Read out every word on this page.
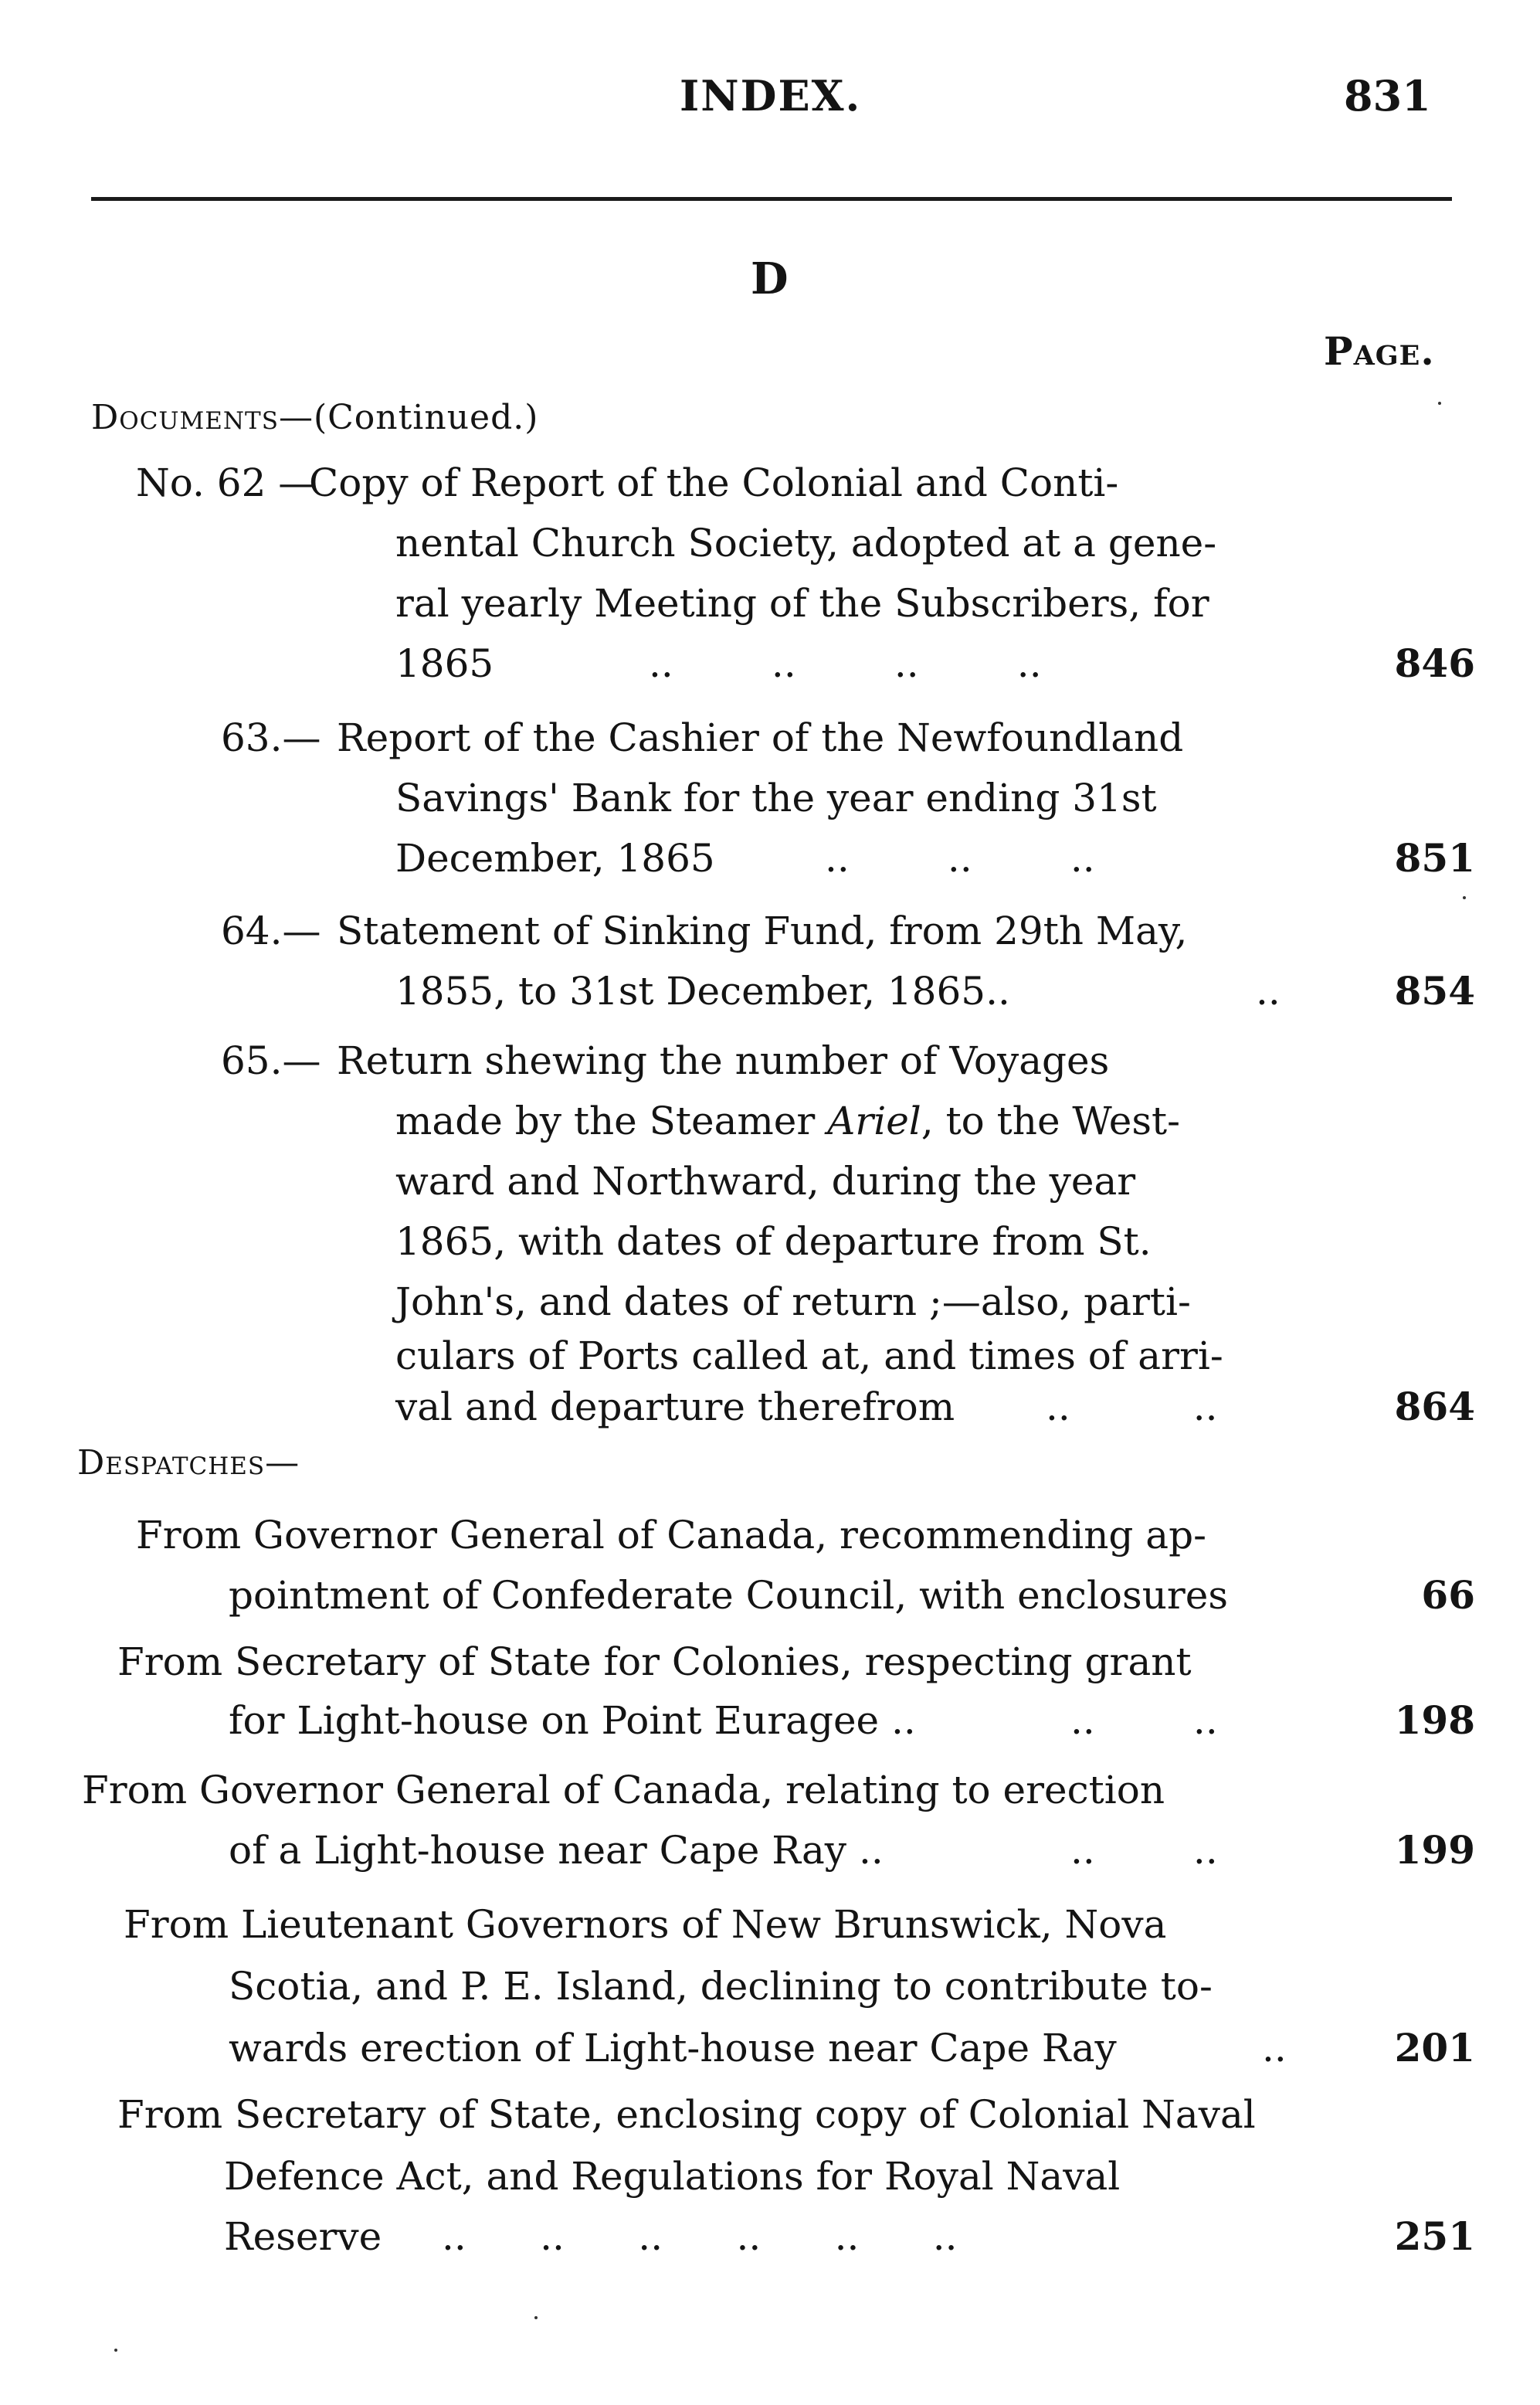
INDEX.	831
D
Page.
Documents—(Continued.)
No. 62 —
Copy of Report of the Colonial and Conti-
nental Church Society, adopted at a gene-
ral yearly Meeting of the Subscribers, for
1865	..        ..        ..        ..	846
63.— Report of the Cashier of the Newfoundland
Savings' Bank for the year ending 31st
December, 1865	..        ..        ..	851
64.— Statement of Sinking Fund, from 29th May,
1855, to 31st December, 1865..	..	854
65.— Return shewing the number of Voyages
made by the Steamer Ariel, to the West-
ward and Northward, during the year
1865, with dates of departure from St.
John's, and dates of return ;—also, parti-
culars of Ports called at, and times of arri-
val and departure therefrom ..          ..	864
Despatches—
From Governor General of Canada, recommending ap-
pointment of Confederate Council, with enclosures	66
From Secretary of State for Colonies, respecting grant
for Light-house on Point Euragee ..	..        ..	198
From Governor General of Canada, relating to erection
of a Light-house near Cape Ray ..	..        ..	199
From Lieutenant Governors of New Brunswick, Nova
Scotia, and P. E. Island, declining to contribute to-
wards erection of Light-house near Cape Ray	..	201
From Secretary of State, enclosing copy of Colonial Naval
Defence Act, and Regulations for Royal Naval
Reserve ..      ..      ..      ..      ..      ..	251
